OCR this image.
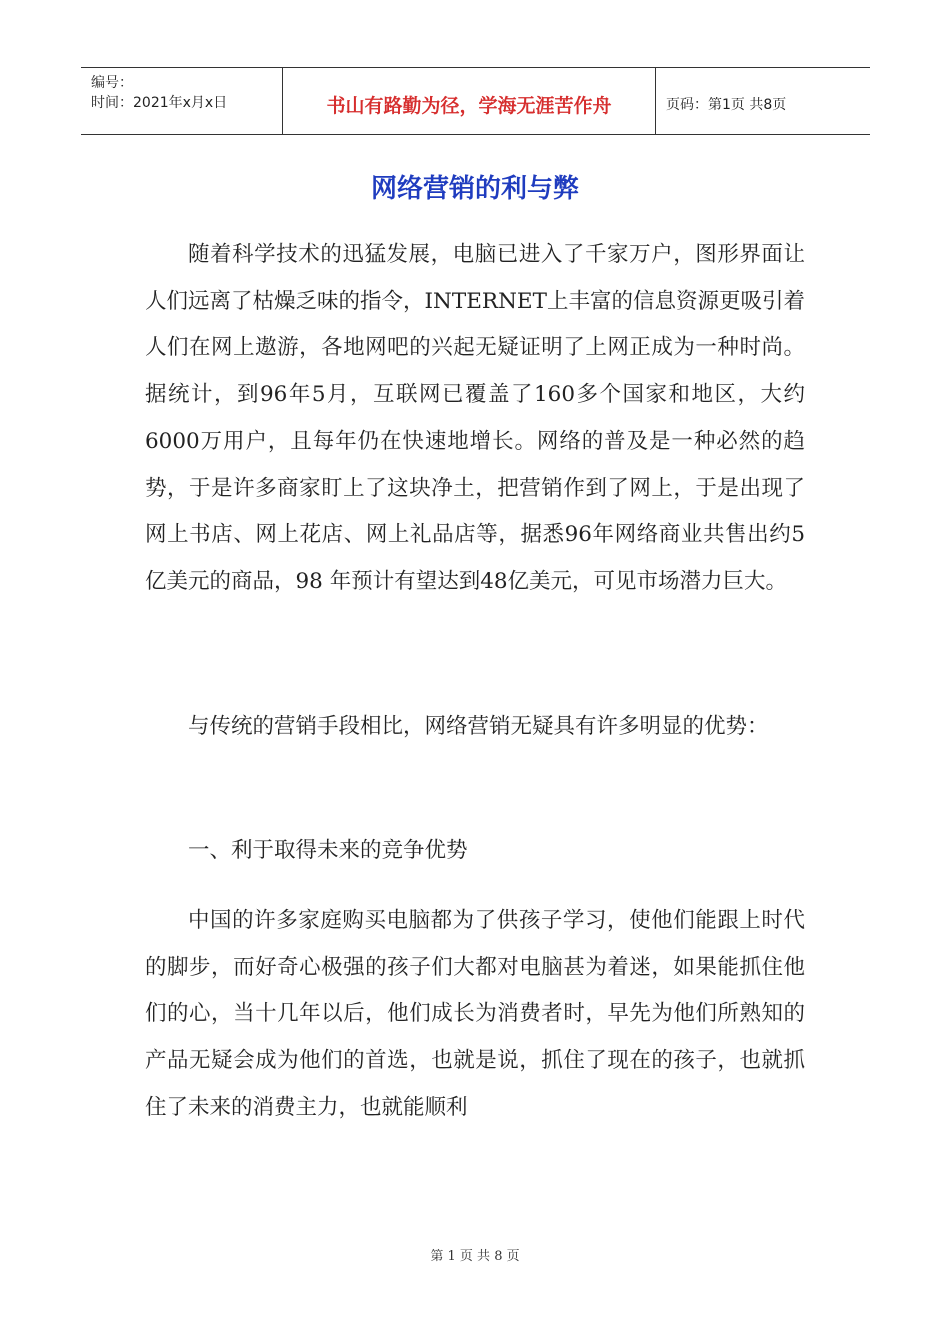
编号：
时间：2021年x月x日	书山有路勤为径，学海无涯苦作舟	页码：第1页 共8页
网络营销的利与弊

随着科学技术的迅猛发展，电脑已进入了千家万户，图形界面让人们远离了枯燥乏味的指令，INTERNET上丰富的信息资源更吸引着人们在网上遨游，各地网吧的兴起无疑证明了上网正成为一种时尚。据统计，到96年5月，互联网已覆盖了160多个国家和地区，大约6000万用户，且每年仍在快速地增长。网络的普及是一种必然的趋势，于是许多商家盯上了这块净土，把营销作到了网上，于是出现了网上书店、网上花店、网上礼品店等，据悉96年网络商业共售出约5亿美元的商品，98 年预计有望达到48亿美元，可见市场潜力巨大。

与传统的营销手段相比，网络营销无疑具有许多明显的优势：

一、利于取得未来的竞争优势

中国的许多家庭购买电脑都为了供孩子学习，使他们能跟上时代的脚步，而好奇心极强的孩子们大都对电脑甚为着迷，如果能抓住他们的心，当十几年以后，他们成长为消费者时，早先为他们所熟知的产品无疑会成为他们的首选，也就是说，抓住了现在的孩子，也就抓住了未来的消费主力，也就能顺利

第 1 页 共 8 页
